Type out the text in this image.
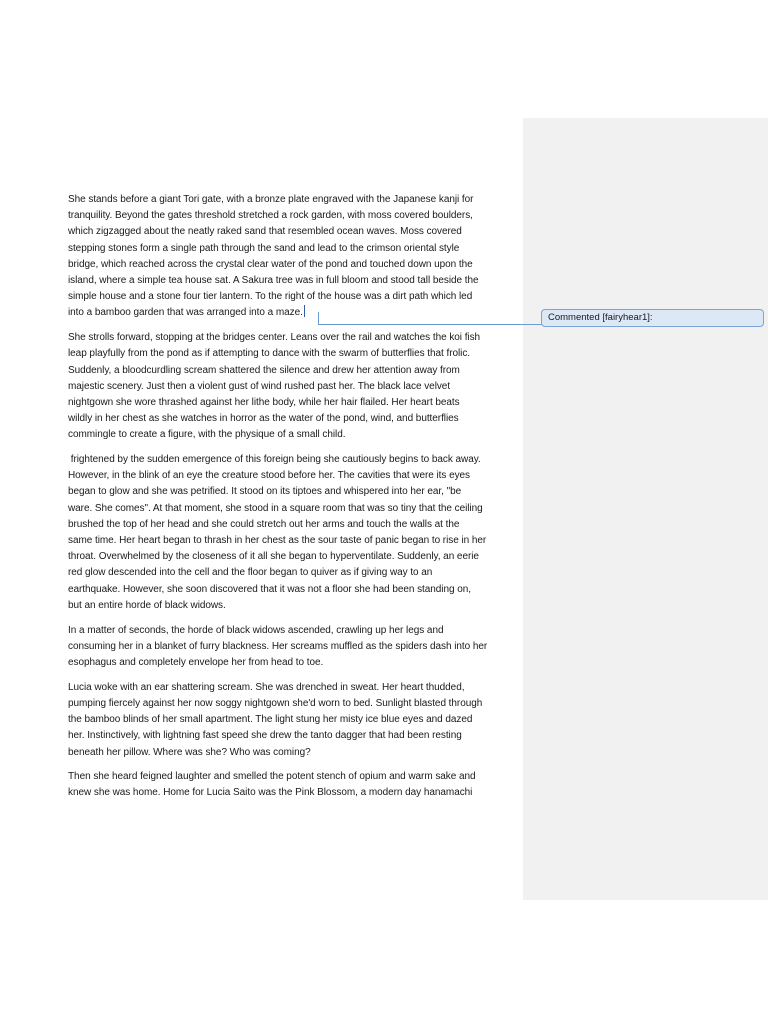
She stands before a giant Tori gate, with a bronze plate engraved with the Japanese kanji for
tranquility. Beyond the gates threshold stretched a rock garden, with moss covered boulders,
which zigzagged about the neatly raked sand that resembled ocean waves. Moss covered
stepping stones form a single path through the sand and lead to the crimson oriental style
bridge, which reached across the crystal clear water of the pond and touched down upon the
island, where a simple tea house sat. A Sakura tree was in full bloom and stood tall beside the
simple house and a stone four tier lantern. To the right of the house was a dirt path which led
into a bamboo garden that was arranged into a maze.

She strolls forward, stopping at the bridges center. Leans over the rail and watches the koi fish
leap playfully from the pond as if attempting to dance with the swarm of butterflies that frolic.
Suddenly, a bloodcurdling scream shattered the silence and drew her attention away from
majestic scenery. Just then a violent gust of wind rushed past her. The black lace velvet
nightgown she wore thrashed against her lithe body, while her hair flailed. Her heart beats
wildly in her chest as she watches in horror as the water of the pond, wind, and butterflies
commingle to create a figure, with the physique of a small child.

frightened by the sudden emergence of this foreign being she cautiously begins to back away.
However, in the blink of an eye the creature stood before her. The cavities that were its eyes
began to glow and she was petrified. It stood on its tiptoes and whispered into her ear, "be
ware. She comes". At that moment, she stood in a square room that was so tiny that the ceiling
brushed the top of her head and she could stretch out her arms and touch the walls at the
same time. Her heart began to thrash in her chest as the sour taste of panic began to rise in her
throat. Overwhelmed by the closeness of it all she began to hyperventilate. Suddenly, an eerie
red glow descended into the cell and the floor began to quiver as if giving way to an
earthquake. However, she soon discovered that it was not a floor she had been standing on,
but an entire horde of black widows.

In a matter of seconds, the horde of black widows ascended, crawling up her legs and
consuming her in a blanket of furry blackness. Her screams muffled as the spiders dash into her
esophagus and completely envelope her from head to toe.

Lucia woke with an ear shattering scream. She was drenched in sweat. Her heart thudded,
pumping fiercely against her now soggy nightgown she'd worn to bed. Sunlight blasted through
the bamboo blinds of her small apartment. The light stung her misty ice blue eyes and dazed
her. Instinctively, with lightning fast speed she drew the tanto dagger that had been resting
beneath her pillow. Where was she? Who was coming?

Then she heard feigned laughter and smelled the potent stench of opium and warm sake and
knew she was home. Home for Lucia Saito was the Pink Blossom, a modern day hanamachi

Commented [fairyhear1]:
